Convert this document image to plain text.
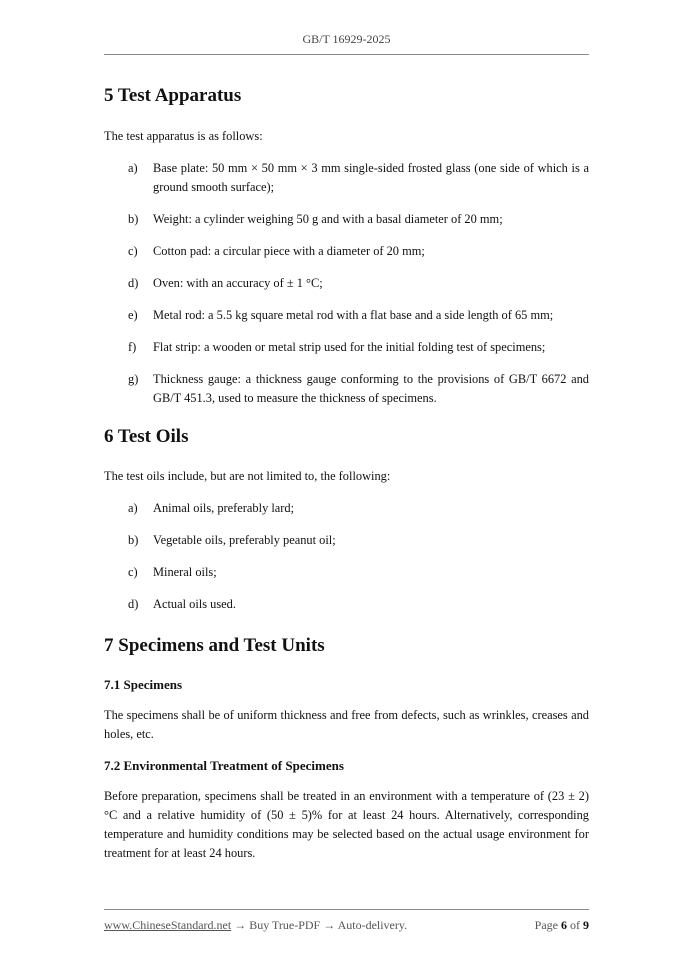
GB/T 16929-2025
5 Test Apparatus

The test apparatus is as follows:

a)	Base plate: 50 mm × 50 mm × 3 mm single-sided frosted glass (one side of which is a ground smooth surface);
b)	Weight: a cylinder weighing 50 g and with a basal diameter of 20 mm;
c)	Cotton pad: a circular piece with a diameter of 20 mm;
d)	Oven: with an accuracy of ± 1 °C;
e)	Metal rod: a 5.5 kg square metal rod with a flat base and a side length of 65 mm;
f)	Flat strip: a wooden or metal strip used for the initial folding test of specimens;
g)	Thickness gauge: a thickness gauge conforming to the provisions of GB/T 6672 and GB/T 451.3, used to measure the thickness of specimens.
6 Test Oils

The test oils include, but are not limited to, the following:

a)	Animal oils, preferably lard;
b)	Vegetable oils, preferably peanut oil;
c)	Mineral oils;
d)	Actual oils used.
7 Specimens and Test Units
7.1 Specimens

The specimens shall be of uniform thickness and free from defects, such as wrinkles, creases and holes, etc.

7.2 Environmental Treatment of Specimens

Before preparation, specimens shall be treated in an environment with a temperature of (23 ± 2) °C and a relative humidity of (50 ± 5)% for at least 24 hours. Alternatively, corresponding temperature and humidity conditions may be selected based on the actual usage environment for treatment for at least 24 hours.

www.ChineseStandard.net → Buy True-PDF → Auto-delivery.	Page 6 of 9
